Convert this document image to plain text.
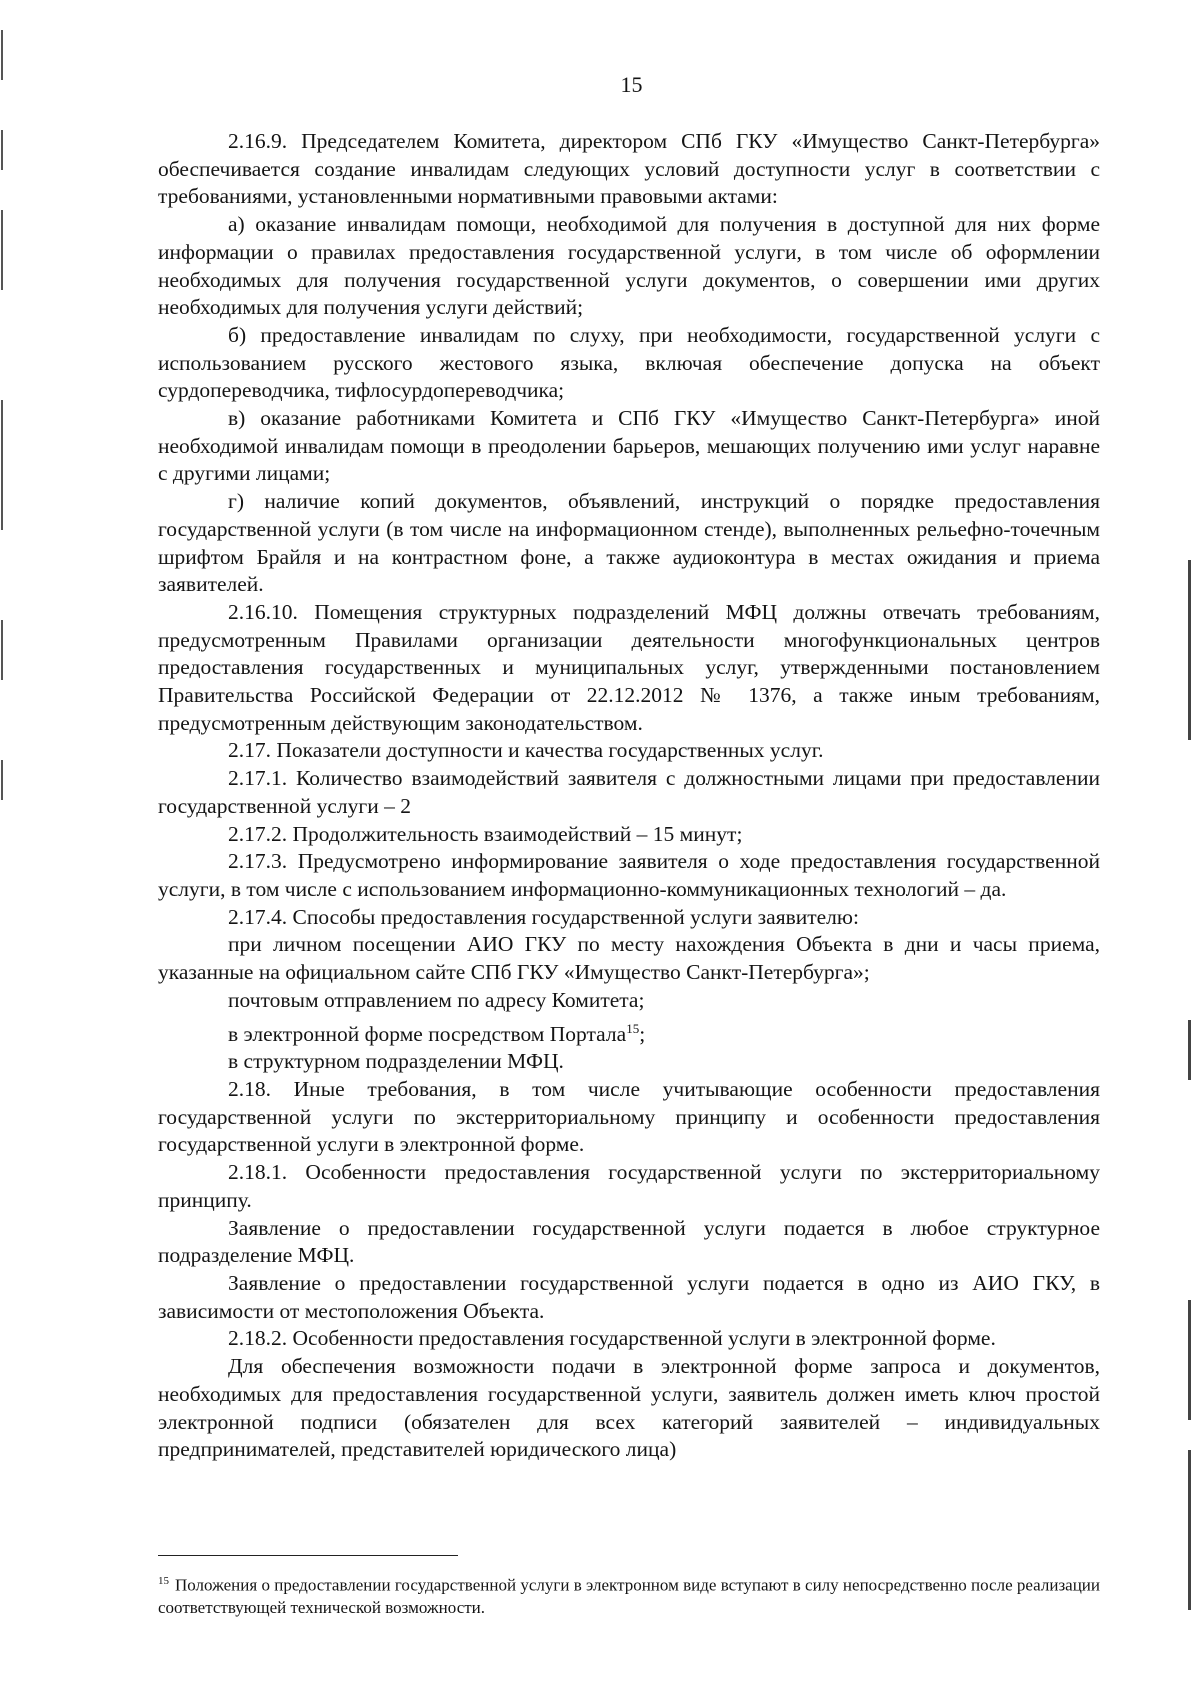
15

2.16.9. Председателем Комитета, директором СПб ГКУ «Имущество Санкт-Петербурга» обеспечивается создание инвалидам следующих условий доступности услуг в соответствии с требованиями, установленными нормативными правовыми актами:

а) оказание инвалидам помощи, необходимой для получения в доступной для них форме информации о правилах предоставления государственной услуги, в том числе об оформлении необходимых для получения государственной услуги документов, о совершении ими других необходимых для получения услуги действий;

б) предоставление инвалидам по слуху, при необходимости, государственной услуги с использованием русского жестового языка, включая обеспечение допуска на объект сурдопереводчика, тифлосурдопереводчика;

в) оказание работниками Комитета и СПб ГКУ «Имущество Санкт-Петербурга» иной необходимой инвалидам помощи в преодолении барьеров, мешающих получению ими услуг наравне с другими лицами;

г) наличие копий документов, объявлений, инструкций о порядке предоставления государственной услуги (в том числе на информационном стенде), выполненных рельефно-точечным шрифтом Брайля и на контрастном фоне, а также аудиоконтура в местах ожидания и приема заявителей.

2.16.10. Помещения структурных подразделений МФЦ должны отвечать требованиям, предусмотренным Правилами организации деятельности многофункциональных центров предоставления государственных и муниципальных услуг, утвержденными постановлением Правительства Российской Федерации от 22.12.2012 № 1376, а также иным требованиям, предусмотренным действующим законодательством.

2.17. Показатели доступности и качества государственных услуг.

2.17.1. Количество взаимодействий заявителя с должностными лицами при предоставлении государственной услуги – 2

2.17.2. Продолжительность взаимодействий – 15 минут;

2.17.3. Предусмотрено информирование заявителя о ходе предоставления государственной услуги, в том числе с использованием информационно-коммуникационных технологий – да.

2.17.4. Способы предоставления государственной услуги заявителю:

при личном посещении АИО ГКУ по месту нахождения Объекта в дни и часы приема, указанные на официальном сайте СПб ГКУ «Имущество Санкт-Петербурга»;

почтовым отправлением по адресу Комитета;

в электронной форме посредством Портала$^{15}$;

в структурном подразделении МФЦ.

2.18. Иные требования, в том числе учитывающие особенности предоставления государственной услуги по экстерриториальному принципу и особенности предоставления государственной услуги в электронной форме.

2.18.1. Особенности предоставления государственной услуги по экстерриториальному принципу.

Заявление о предоставлении государственной услуги подается в любое структурное подразделение МФЦ.

Заявление о предоставлении государственной услуги подается в одно из АИО ГКУ, в зависимости от местоположения Объекта.

2.18.2. Особенности предоставления государственной услуги в электронной форме.

Для обеспечения возможности подачи в электронной форме запроса и документов, необходимых для предоставления государственной услуги, заявитель должен иметь ключ простой электронной подписи (обязателен для всех категорий заявителей – индивидуальных предпринимателей, представителей юридического лица)

$^{15}$ Положения о предоставлении государственной услуги в электронном виде вступают в силу непосредственно после реализации соответствующей технической возможности.
